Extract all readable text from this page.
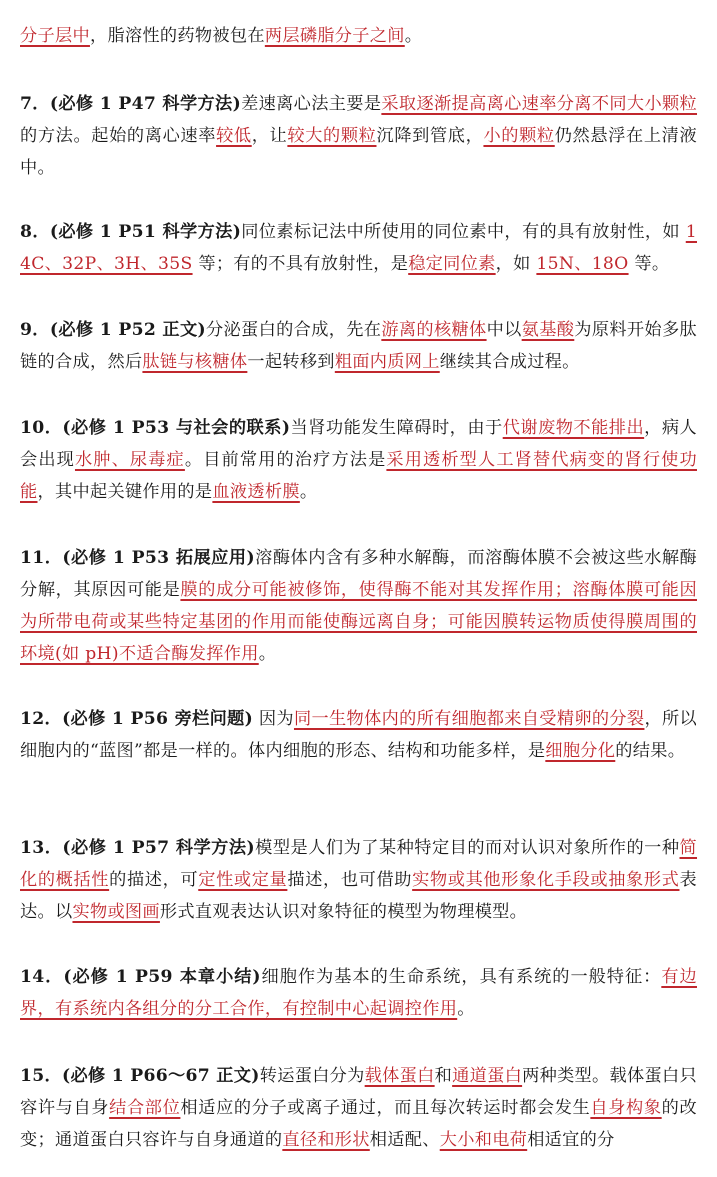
分子层中，脂溶性的药物被包在两层磷脂分子之间。

7．(必修 1 P47 科学方法)差速离心法主要是采取逐渐提高离心速率分离不同大小颗粒的方法。起始的离心速率较低，让较大的颗粒沉降到管底，小的颗粒仍然悬浮在上清液中。

8．(必修 1 P51 科学方法)同位素标记法中所使用的同位素中，有的具有放射性，如 14C、32P、3H、35S 等；有的不具有放射性，是稳定同位素，如 15N、18O 等。

9．(必修 1 P52 正文)分泌蛋白的合成，先在游离的核糖体中以氨基酸为原料开始多肽链的合成，然后肽链与核糖体一起转移到粗面内质网上继续其合成过程。

10．(必修 1 P53 与社会的联系)当肾功能发生障碍时，由于代谢废物不能排出，病人会出现水肿、尿毒症。目前常用的治疗方法是采用透析型人工肾替代病变的肾行使功能，其中起关键作用的是血液透析膜。

11．(必修 1 P53 拓展应用)溶酶体内含有多种水解酶，而溶酶体膜不会被这些水解酶分解，其原因可能是膜的成分可能被修饰，使得酶不能对其发挥作用；溶酶体膜可能因为所带电荷或某些特定基团的作用而能使酶远离自身；可能因膜转运物质使得膜周围的环境(如 pH)不适合酶发挥作用。

12．(必修 1 P56 旁栏问题) 因为同一生物体内的所有细胞都来自受精卵的分裂，所以细胞内的“蓝图”都是一样的。体内细胞的形态、结构和功能多样，是细胞分化的结果。

13．(必修 1 P57 科学方法)模型是人们为了某种特定目的而对认识对象所作的一种简化的概括性的描述，可定性或定量描述，也可借助实物或其他形象化手段或抽象形式表达。以实物或图画形式直观表达认识对象特征的模型为物理模型。

14．(必修 1 P59 本章小结)细胞作为基本的生命系统，具有系统的一般特征：有边界，有系统内各组分的分工合作，有控制中心起调控作用。

15．(必修 1 P66～67 正文)转运蛋白分为载体蛋白和通道蛋白两种类型。载体蛋白只容许与自身结合部位相适应的分子或离子通过，而且每次转运时都会发生自身构象的改变；通道蛋白只容许与自身通道的直径和形状相适配、大小和电荷相适宜的分
